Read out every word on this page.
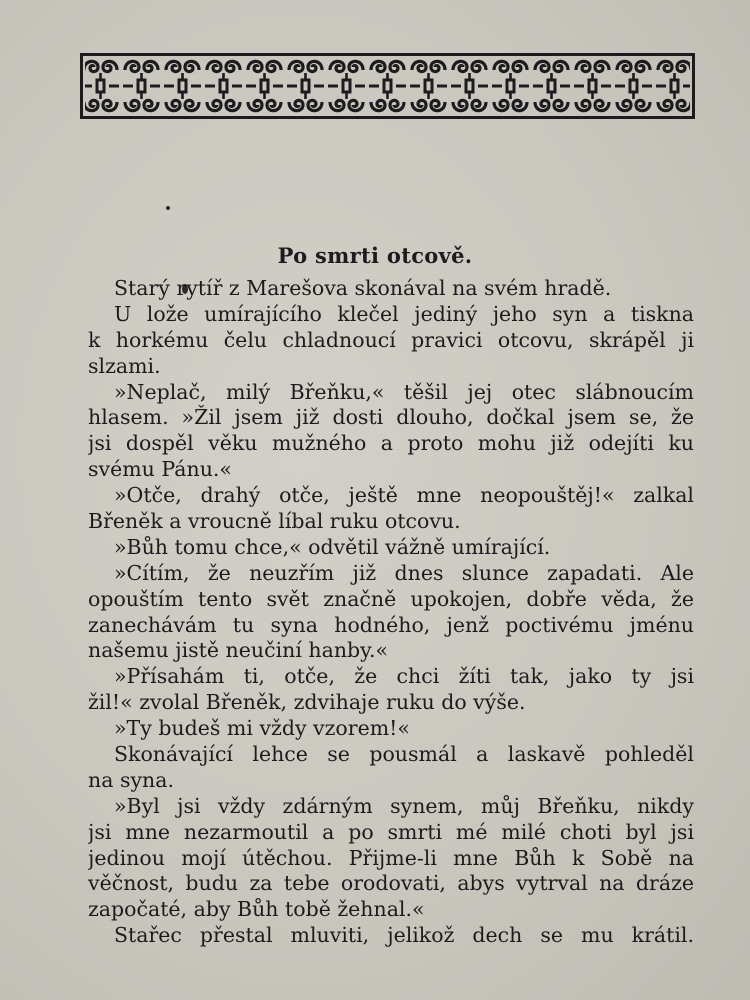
Po smrti otcově.
Starý rytíř z Marešova skonával na svém hradě.
U lože umírajícího klečel jediný jeho syn a tiskna
k horkému čelu chladnoucí pravici otcovu, skrápěl ji
slzami.
»Neplač, milý Břeňku,« těšil jej otec slábnoucím
hlasem. »Žil jsem již dosti dlouho, dočkal jsem se, že
jsi dospěl věku mužného a proto mohu již odejíti ku
svému Pánu.«
»Otče, drahý otče, ještě mne neopouštěj!« zalkal
Břeněk a vroucně líbal ruku otcovu.
»Bůh tomu chce,« odvětil vážně umírající.
»Cítím, že neuzřím již dnes slunce zapadati. Ale
opouštím tento svět značně upokojen, dobře věda, že
zanechávám tu syna hodného, jenž poctivému jménu
našemu jistě neučiní hanby.«
»Přísahám ti, otče, že chci žíti tak, jako ty jsi
žil!« zvolal Břeněk, zdvihaje ruku do výše.
»Ty budeš mi vždy vzorem!«
Skonávající lehce se pousmál a laskavě pohleděl
na syna.
»Byl jsi vždy zdárným synem, můj Břeňku, nikdy
jsi mne nezarmoutil a po smrti mé milé choti byl jsi
jedinou mojí útěchou. Přijme-li mne Bůh k Sobě na
věčnost, budu za tebe orodovati, abys vytrval na dráze
započaté, aby Bůh tobě žehnal.«
Stařec přestal mluviti, jelikož dech se mu krátil.
